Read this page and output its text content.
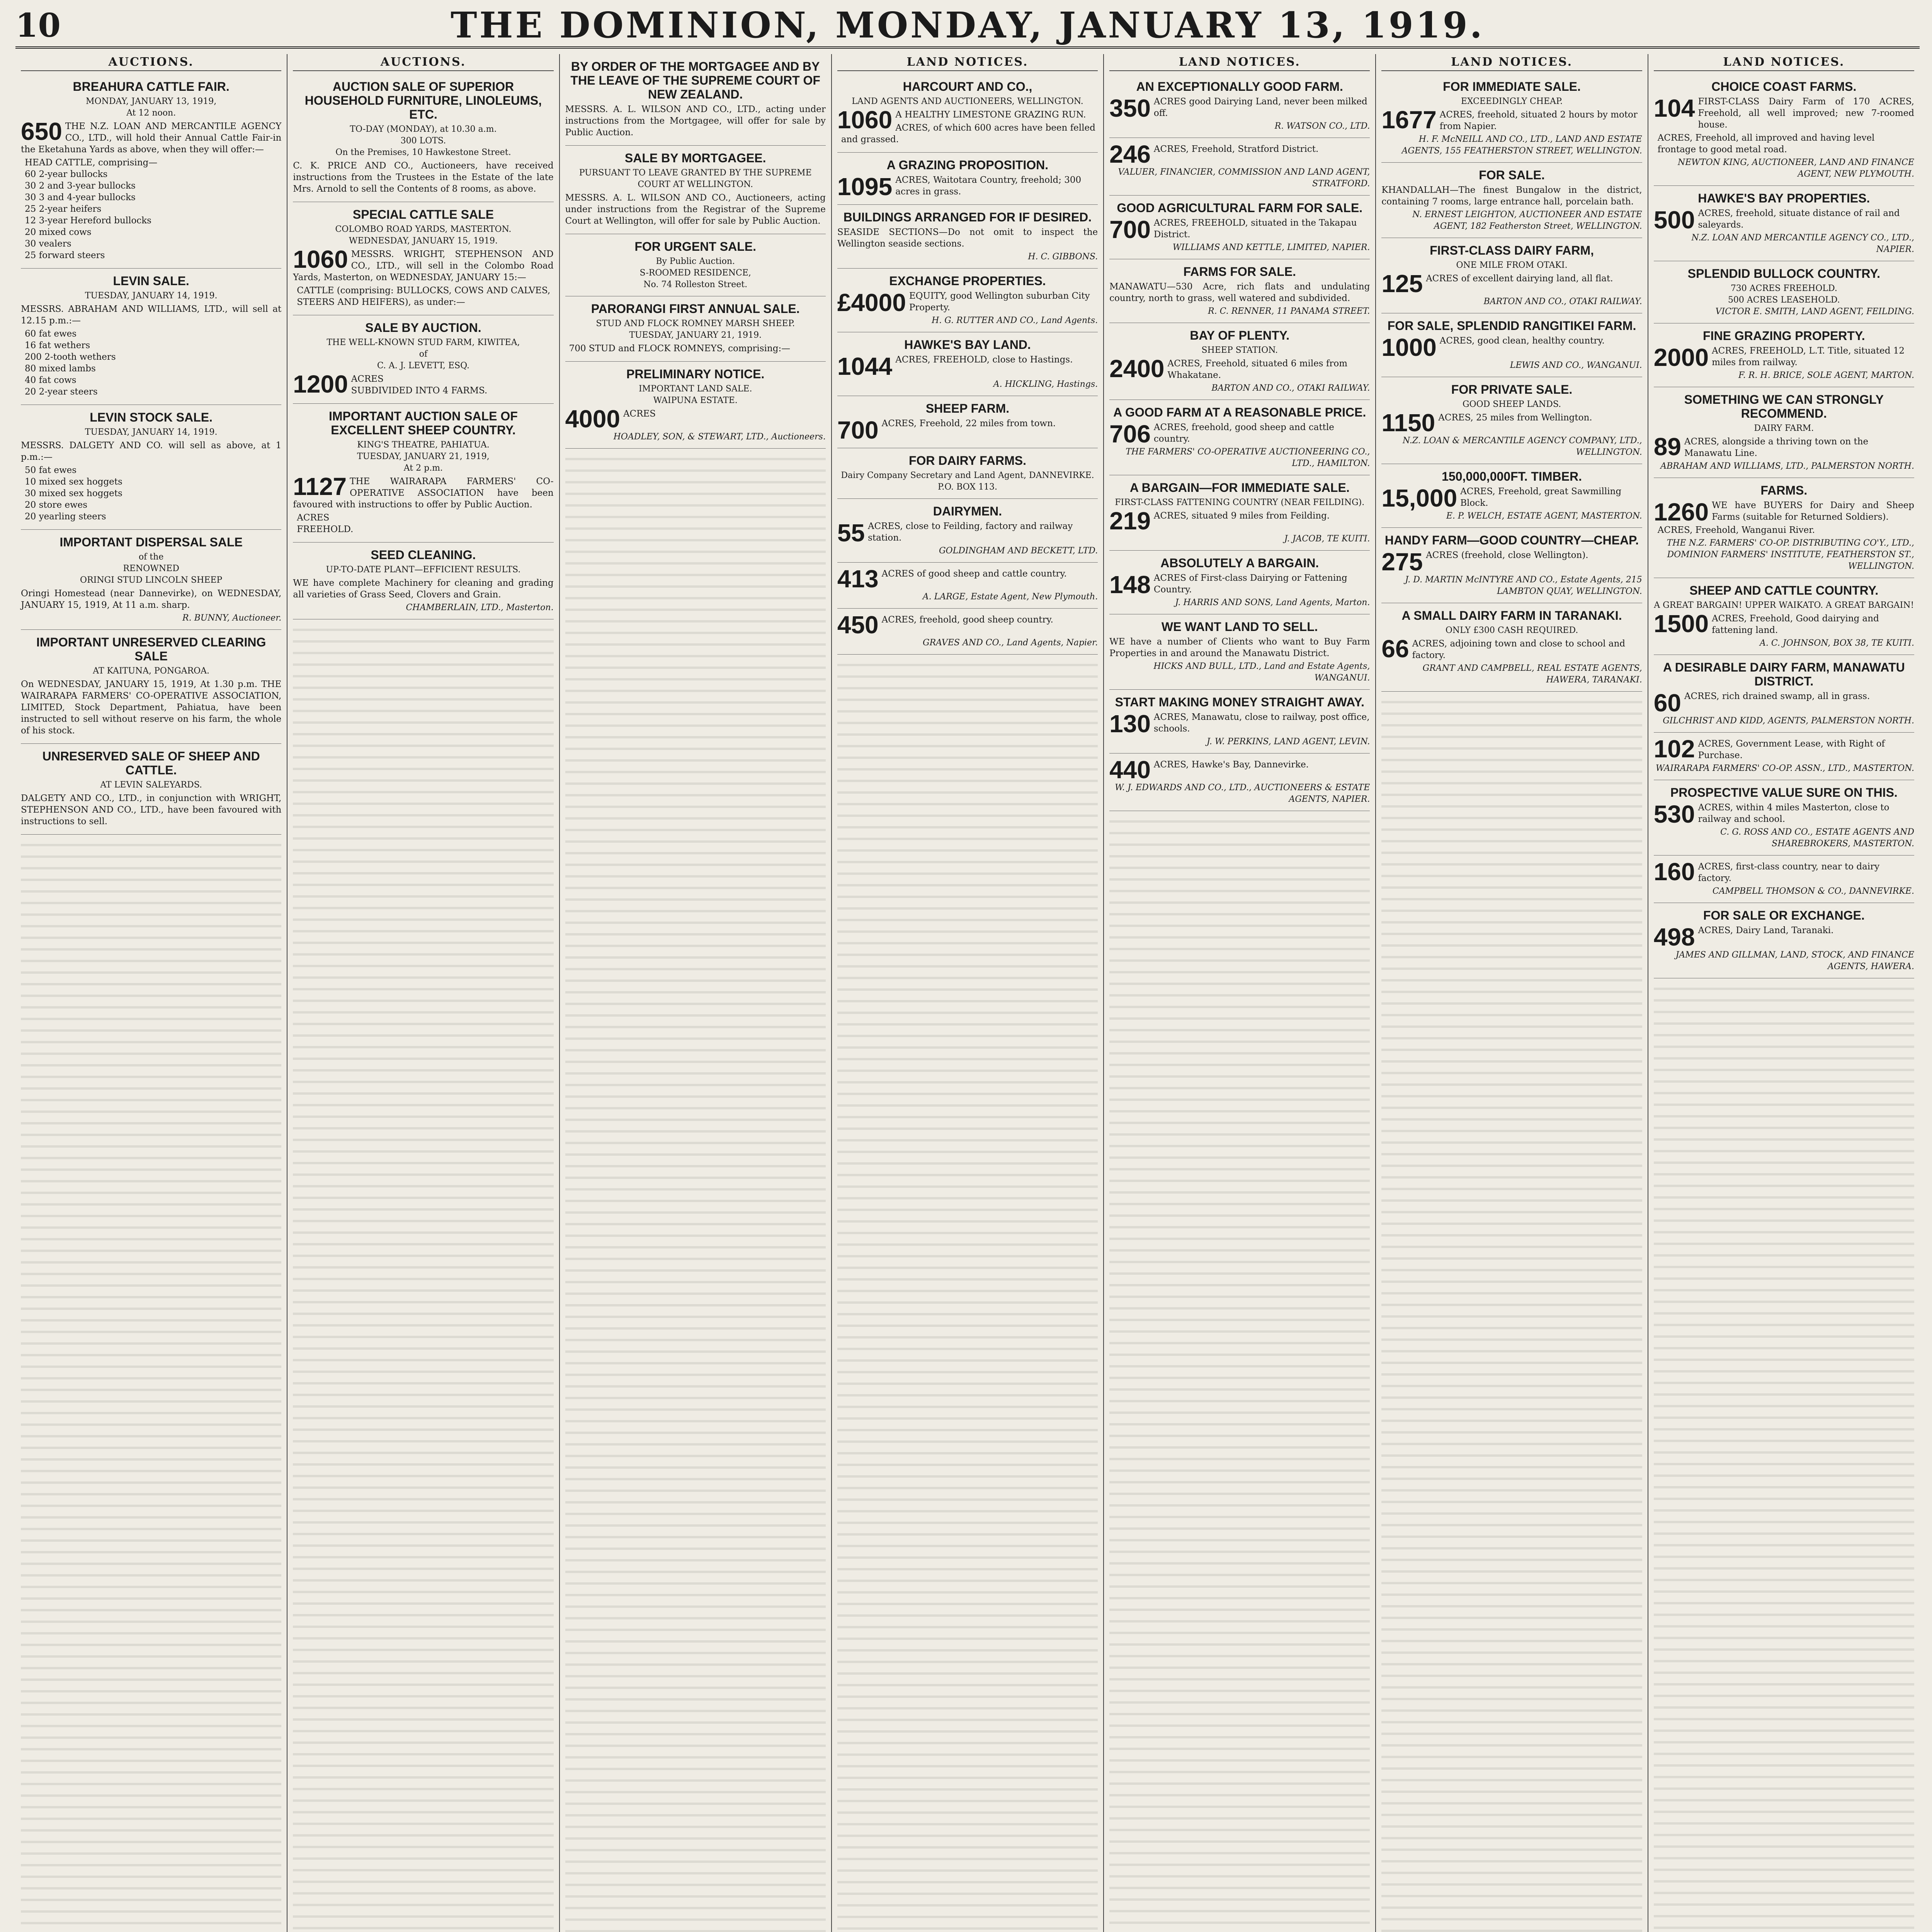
10	THE DOMINION, MONDAY, JANUARY 13, 1919.
AUCTIONS.
BREAHURA CATTLE FAIR.
MONDAY, JANUARY 13, 1919,
At 12 noon.
650 THE N.Z. LOAN AND MERCANTILE AGENCY CO., LTD., will hold their Annual Cattle Fair-in the Eketahuna Yards as above, when they will offer:—

HEAD CATTLE, comprising—
60 2-year bullocks
30 2 and 3-year bullocks
30 3 and 4-year bullocks
25 2-year heifers
12 3-year Hereford bullocks
20 mixed cows
30 vealers
25 forward steers
LEVIN SALE.
TUESDAY, JANUARY 14, 1919.

MESSRS. ABRAHAM AND WILLIAMS, LTD., will sell at 12.15 p.m.:—

60 fat ewes
16 fat wethers
200 2-tooth wethers
80 mixed lambs
40 fat cows
20 2-year steers
LEVIN STOCK SALE.
TUESDAY, JANUARY 14, 1919.

MESSRS. DALGETY AND CO. will sell as above, at 1 p.m.:—

50 fat ewes
10 mixed sex hoggets
30 mixed sex hoggets
20 store ewes
20 yearling steers
IMPORTANT DISPERSAL SALE
of the
RENOWNED
ORINGI STUD LINCOLN SHEEP

Oringi Homestead (near Dannevirke), on WEDNESDAY, JANUARY 15, 1919, At 11 a.m. sharp.

R. BUNNY, Auctioneer.
IMPORTANT UNRESERVED CLEARING SALE
AT KAITUNA, PONGAROA.

On WEDNESDAY, JANUARY 15, 1919, At 1.30 p.m. THE WAIRARAPA FARMERS' CO-OPERATIVE ASSOCIATION, LIMITED, Stock Department, Pahiatua, have been instructed to sell without reserve on his farm, the whole of his stock.

UNRESERVED SALE OF SHEEP AND CATTLE.
AT LEVIN SALEYARDS.

DALGETY AND CO., LTD., in conjunction with WRIGHT, STEPHENSON AND CO., LTD., have been favoured with instructions to sell.

AUCTIONS.
AUCTION SALE OF SUPERIOR HOUSEHOLD FURNITURE, LINOLEUMS, ETC.
TO-DAY (MONDAY), at 10.30 a.m.
300 LOTS.
On the Premises, 10 Hawkestone Street.

C. K. PRICE AND CO., Auctioneers, have received instructions from the Trustees in the Estate of the late Mrs. Arnold to sell the Contents of 8 rooms, as above.

SPECIAL CATTLE SALE
COLOMBO ROAD YARDS, MASTERTON.
WEDNESDAY, JANUARY 15, 1919.
1060 MESSRS. WRIGHT, STEPHENSON AND CO., LTD., will sell in the Colombo Road Yards, Masterton, on WEDNESDAY, JANUARY 15:—

CATTLE (comprising: BULLOCKS, COWS AND CALVES, STEERS AND HEIFERS), as under:—
SALE BY AUCTION.
THE WELL-KNOWN STUD FARM, KIWITEA,
of
C. A. J. LEVETT, ESQ.
1200 ACRES
SUBDIVIDED INTO 4 FARMS.
IMPORTANT AUCTION SALE OF EXCELLENT SHEEP COUNTRY.
KING'S THEATRE, PAHIATUA.
TUESDAY, JANUARY 21, 1919,
At 2 p.m.
1127 THE WAIRARAPA FARMERS' CO-OPERATIVE ASSOCIATION have been favoured with instructions to offer by Public Auction.

ACRES
FREEHOLD.
SEED CLEANING.
UP-TO-DATE PLANT—EFFICIENT RESULTS.

WE have complete Machinery for cleaning and grading all varieties of Grass Seed, Clovers and Grain.

CHAMBERLAIN, LTD., Masterton.
BY ORDER OF THE MORTGAGEE AND BY THE LEAVE OF THE SUPREME COURT OF NEW ZEALAND.

MESSRS. A. L. WILSON AND CO., LTD., acting under instructions from the Mortgagee, will offer for sale by Public Auction.

SALE BY MORTGAGEE.
PURSUANT TO LEAVE GRANTED BY THE SUPREME COURT AT WELLINGTON.

MESSRS. A. L. WILSON AND CO., Auctioneers, acting under instructions from the Registrar of the Supreme Court at Wellington, will offer for sale by Public Auction.

FOR URGENT SALE.
By Public Auction.
S-ROOMED RESIDENCE,
No. 74 Rolleston Street.
PARORANGI FIRST ANNUAL SALE.
STUD AND FLOCK ROMNEY MARSH SHEEP.
TUESDAY, JANUARY 21, 1919.
700 STUD and FLOCK ROMNEYS, comprising:—
PRELIMINARY NOTICE.
IMPORTANT LAND SALE.
WAIPUNA ESTATE.
4000 ACRES
HOADLEY, SON, & STEWART, LTD., Auctioneers.
LAND NOTICES.
HARCOURT AND CO.,
LAND AGENTS AND AUCTIONEERS, WELLINGTON.
1060 A HEALTHY LIMESTONE GRAZING RUN.

ACRES, of which 600 acres have been felled and grassed.
A GRAZING PROPOSITION.
1095 ACRES, Waitotara Country, freehold; 300 acres in grass.
BUILDINGS ARRANGED FOR IF DESIRED.

SEASIDE SECTIONS—Do not omit to inspect the Wellington seaside sections.

H. C. GIBBONS.
EXCHANGE PROPERTIES.
£4000 EQUITY, good Wellington suburban City Property.
H. G. RUTTER AND CO., Land Agents.
HAWKE'S BAY LAND.
1044 ACRES, FREEHOLD, close to Hastings.
A. HICKLING, Hastings.
SHEEP FARM.
700 ACRES, Freehold, 22 miles from town.
FOR DAIRY FARMS.
Dairy Company Secretary and Land Agent, DANNEVIRKE.
P.O. BOX 113.
DAIRYMEN.
55 ACRES, close to Feilding, factory and railway station.
GOLDINGHAM AND BECKETT, LTD.
413 ACRES of good sheep and cattle country.
A. LARGE, Estate Agent, New Plymouth.
450 ACRES, freehold, good sheep country.
GRAVES AND CO., Land Agents, Napier.
LAND NOTICES.
AN EXCEPTIONALLY GOOD FARM.
350 ACRES good Dairying Land, never been milked off.
R. WATSON CO., LTD.
246 ACRES, Freehold, Stratford District.
VALUER, FINANCIER, COMMISSION AND LAND AGENT, STRATFORD.
GOOD AGRICULTURAL FARM FOR SALE.
700 ACRES, FREEHOLD, situated in the Takapau District.
WILLIAMS AND KETTLE, LIMITED, NAPIER.
FARMS FOR SALE.

MANAWATU—530 Acre, rich flats and undulating country, north to grass, well watered and subdivided.

R. C. RENNER, 11 PANAMA STREET.
BAY OF PLENTY.
SHEEP STATION.
2400 ACRES, Freehold, situated 6 miles from Whakatane.
BARTON AND CO., OTAKI RAILWAY.
A GOOD FARM AT A REASONABLE PRICE.
706 ACRES, freehold, good sheep and cattle country.
THE FARMERS' CO-OPERATIVE AUCTIONEERING CO., LTD., HAMILTON.
A BARGAIN—FOR IMMEDIATE SALE.
FIRST-CLASS FATTENING COUNTRY (NEAR FEILDING).
219 ACRES, situated 9 miles from Feilding.
J. JACOB, TE KUITI.
ABSOLUTELY A BARGAIN.
148 ACRES of First-class Dairying or Fattening Country.
J. HARRIS AND SONS, Land Agents, Marton.
WE WANT LAND TO SELL.

WE have a number of Clients who want to Buy Farm Properties in and around the Manawatu District.

HICKS AND BULL, LTD., Land and Estate Agents, WANGANUI.
START MAKING MONEY STRAIGHT AWAY.
130 ACRES, Manawatu, close to railway, post office, schools.
J. W. PERKINS, LAND AGENT, LEVIN.
440 ACRES, Hawke's Bay, Dannevirke.
W. J. EDWARDS AND CO., LTD., AUCTIONEERS & ESTATE AGENTS, NAPIER.
LAND NOTICES.
FOR IMMEDIATE SALE.
EXCEEDINGLY CHEAP.
1677 ACRES, freehold, situated 2 hours by motor from Napier.
H. F. McNEILL AND CO., LTD., LAND AND ESTATE AGENTS, 155 FEATHERSTON STREET, WELLINGTON.
FOR SALE.

KHANDALLAH—The finest Bungalow in the district, containing 7 rooms, large entrance hall, porcelain bath.

N. ERNEST LEIGHTON, AUCTIONEER AND ESTATE AGENT, 182 Featherston Street, WELLINGTON.
FIRST-CLASS DAIRY FARM,
ONE MILE FROM OTAKI.
125 ACRES of excellent dairying land, all flat.
BARTON AND CO., OTAKI RAILWAY.
FOR SALE, SPLENDID RANGITIKEI FARM.
1000 ACRES, good clean, healthy country.
LEWIS AND CO., WANGANUI.
FOR PRIVATE SALE.
GOOD SHEEP LANDS.
1150 ACRES, 25 miles from Wellington.
N.Z. LOAN & MERCANTILE AGENCY COMPANY, LTD., WELLINGTON.
150,000,000FT. TIMBER.
15,000 ACRES, Freehold, great Sawmilling Block.
E. P. WELCH, ESTATE AGENT, MASTERTON.
HANDY FARM—GOOD COUNTRY—CHEAP.
275 ACRES (freehold, close Wellington).
J. D. MARTIN McINTYRE AND CO., Estate Agents, 215 LAMBTON QUAY, WELLINGTON.
A SMALL DAIRY FARM IN TARANAKI.
ONLY £300 CASH REQUIRED.
66 ACRES, adjoining town and close to school and factory.
GRANT AND CAMPBELL, REAL ESTATE AGENTS, HAWERA, TARANAKI.
LAND NOTICES.
CHOICE COAST FARMS.
104 FIRST-CLASS Dairy Farm of 170 ACRES, Freehold, all well improved; new 7-roomed house.

ACRES, Freehold, all improved and having level frontage to good metal road.
NEWTON KING, AUCTIONEER, LAND AND FINANCE AGENT, NEW PLYMOUTH.
HAWKE'S BAY PROPERTIES.
500 ACRES, freehold, situate distance of rail and saleyards.
N.Z. LOAN AND MERCANTILE AGENCY CO., LTD., NAPIER.
SPLENDID BULLOCK COUNTRY.
730 ACRES FREEHOLD.
500 ACRES LEASEHOLD.
VICTOR E. SMITH, LAND AGENT, FEILDING.
FINE GRAZING PROPERTY.
2000 ACRES, FREEHOLD, L.T. Title, situated 12 miles from railway.
F. R. H. BRICE, SOLE AGENT, MARTON.
SOMETHING WE CAN STRONGLY RECOMMEND.
DAIRY FARM.
89 ACRES, alongside a thriving town on the Manawatu Line.
ABRAHAM AND WILLIAMS, LTD., PALMERSTON NORTH.
FARMS.
1260 WE have BUYERS for Dairy and Sheep Farms (suitable for Returned Soldiers).

ACRES, Freehold, Wanganui River.
THE N.Z. FARMERS' CO-OP. DISTRIBUTING CO'Y., LTD., DOMINION FARMERS' INSTITUTE, FEATHERSTON ST., WELLINGTON.
SHEEP AND CATTLE COUNTRY.
A GREAT BARGAIN! UPPER WAIKATO. A GREAT BARGAIN!
1500 ACRES, Freehold, Good dairying and fattening land.
A. C. JOHNSON, BOX 38, TE KUITI.
A DESIRABLE DAIRY FARM, MANAWATU DISTRICT.
60 ACRES, rich drained swamp, all in grass.
GILCHRIST AND KIDD, AGENTS, PALMERSTON NORTH.
102 ACRES, Government Lease, with Right of Purchase.
WAIRARAPA FARMERS' CO-OP. ASSN., LTD., MASTERTON.
PROSPECTIVE VALUE SURE ON THIS.
530 ACRES, within 4 miles Masterton, close to railway and school.
C. G. ROSS AND CO., ESTATE AGENTS AND SHAREBROKERS, MASTERTON.
160 ACRES, first-class country, near to dairy factory.
CAMPBELL THOMSON & CO., DANNEVIRKE.
FOR SALE OR EXCHANGE.
498 ACRES, Dairy Land, Taranaki.
JAMES AND GILLMAN, LAND, STOCK, AND FINANCE AGENTS, HAWERA.
